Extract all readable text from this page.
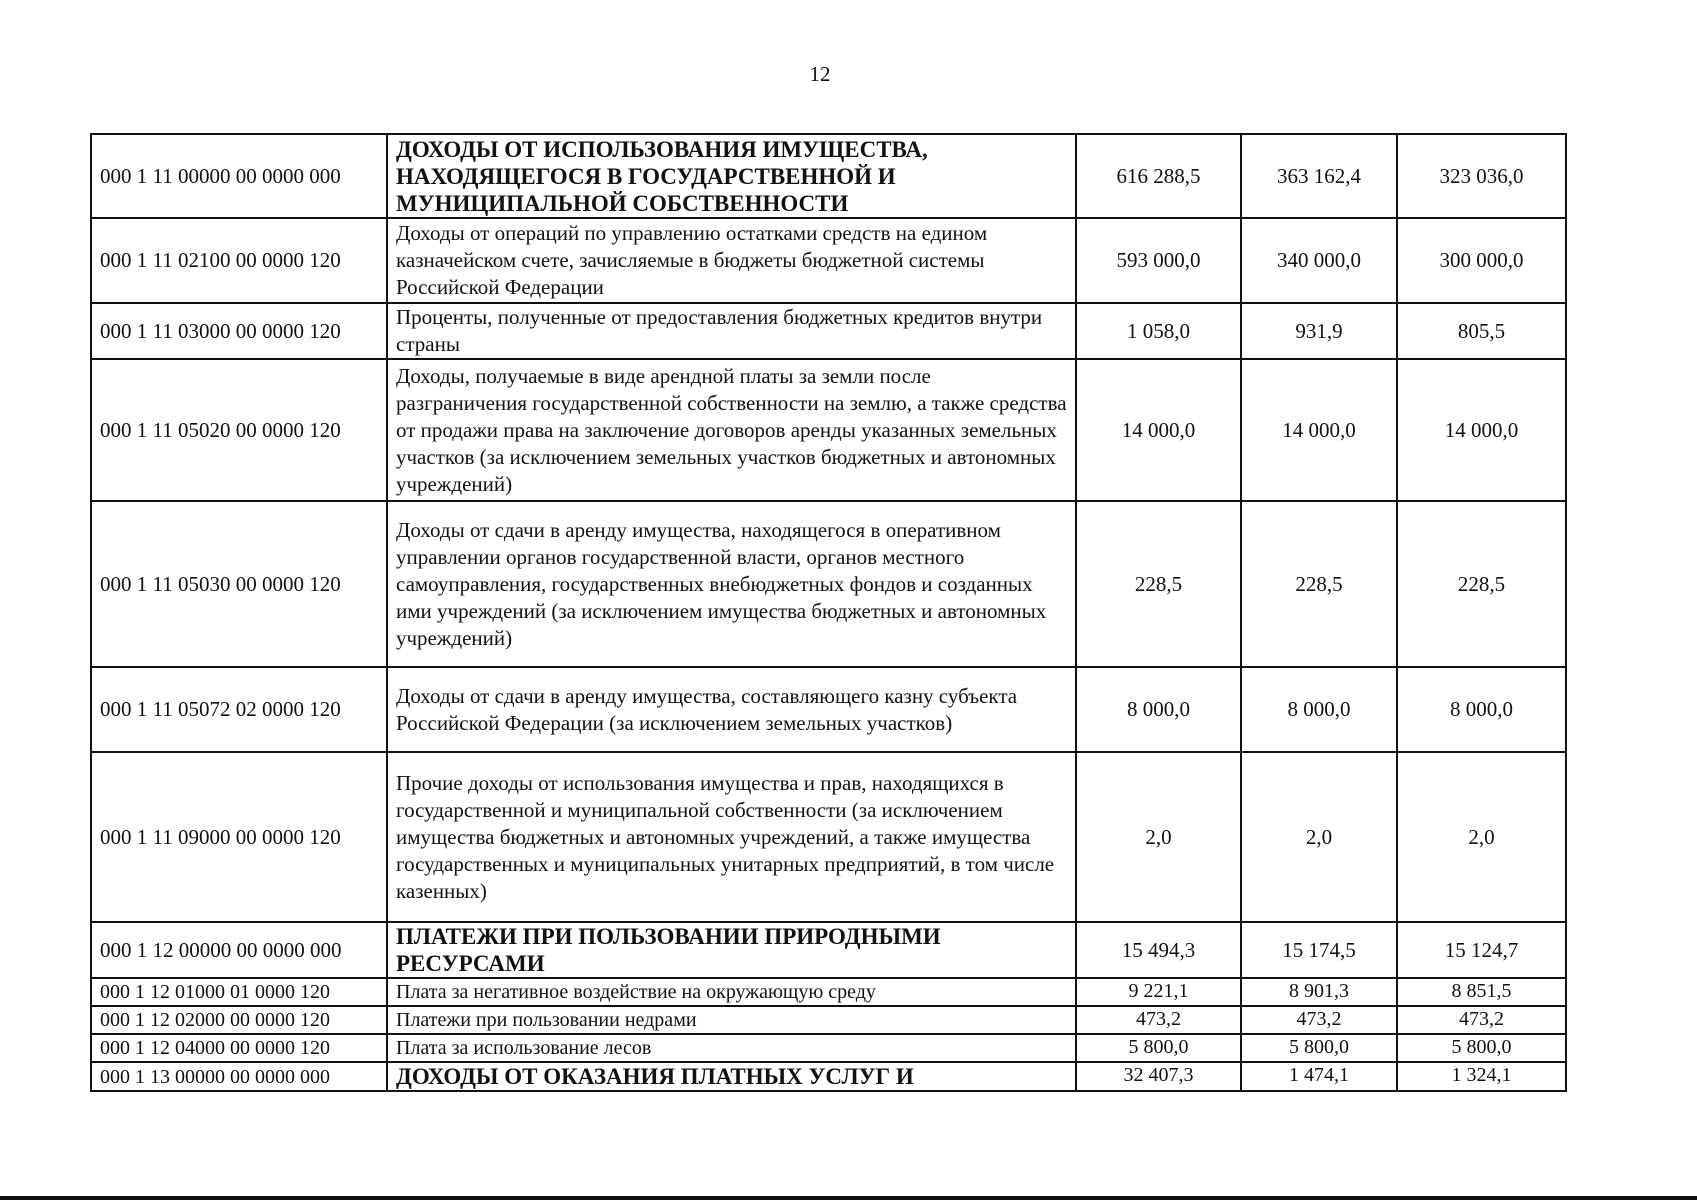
12
000 1 11 00000 00 0000 000	ДОХОДЫ ОТ ИСПОЛЬЗОВАНИЯ ИМУЩЕСТВА, НАХОДЯЩЕГОСЯ В ГОСУДАРСТВЕННОЙ И МУНИЦИПАЛЬНОЙ СОБСТВЕННОСТИ	616 288,5	363 162,4	323 036,0
000 1 11 02100 00 0000 120	Доходы от операций по управлению остатками средств на едином казначейском счете, зачисляемые в бюджеты бюджетной системы Российской Федерации	593 000,0	340 000,0	300 000,0
000 1 11 03000 00 0000 120	Проценты, полученные от предоставления бюджетных кредитов внутри страны	1 058,0	931,9	805,5
000 1 11 05020 00 0000 120	Доходы, получаемые в виде арендной платы за земли после разграничения государственной собственности на землю, а также средства от продажи права на заключение договоров аренды указанных земельных участков (за исключением земельных участков бюджетных и автономных учреждений)	14 000,0	14 000,0	14 000,0
000 1 11 05030 00 0000 120	Доходы от сдачи в аренду имущества, находящегося в оперативном управлении органов государственной власти, органов местного самоуправления, государственных внебюджетных фондов и созданных ими учреждений (за исключением имущества бюджетных и автономных учреждений)	228,5	228,5	228,5
000 1 11 05072 02 0000 120	Доходы от сдачи в аренду имущества, составляющего казну субъекта Российской Федерации (за исключением земельных участков)	8 000,0	8 000,0	8 000,0
000 1 11 09000 00 0000 120	Прочие доходы от использования имущества и прав, находящихся в государственной и муниципальной собственности (за исключением имущества бюджетных и автономных учреждений, а также имущества государственных и муниципальных унитарных предприятий, в том числе казенных)	2,0	2,0	2,0
000 1 12 00000 00 0000 000	ПЛАТЕЖИ ПРИ ПОЛЬЗОВАНИИ ПРИРОДНЫМИ РЕСУРСАМИ	15 494,3	15 174,5	15 124,7
000 1 12 01000 01 0000 120	Плата за негативное воздействие на окружающую среду	9 221,1	8 901,3	8 851,5
000 1 12 02000 00 0000 120	Платежи при пользовании недрами	473,2	473,2	473,2
000 1 12 04000 00 0000 120	Плата за использование лесов	5 800,0	5 800,0	5 800,0
000 1 13 00000 00 0000 000	ДОХОДЫ ОТ ОКАЗАНИЯ ПЛАТНЫХ УСЛУГ И	32 407,3	1 474,1	1 324,1
